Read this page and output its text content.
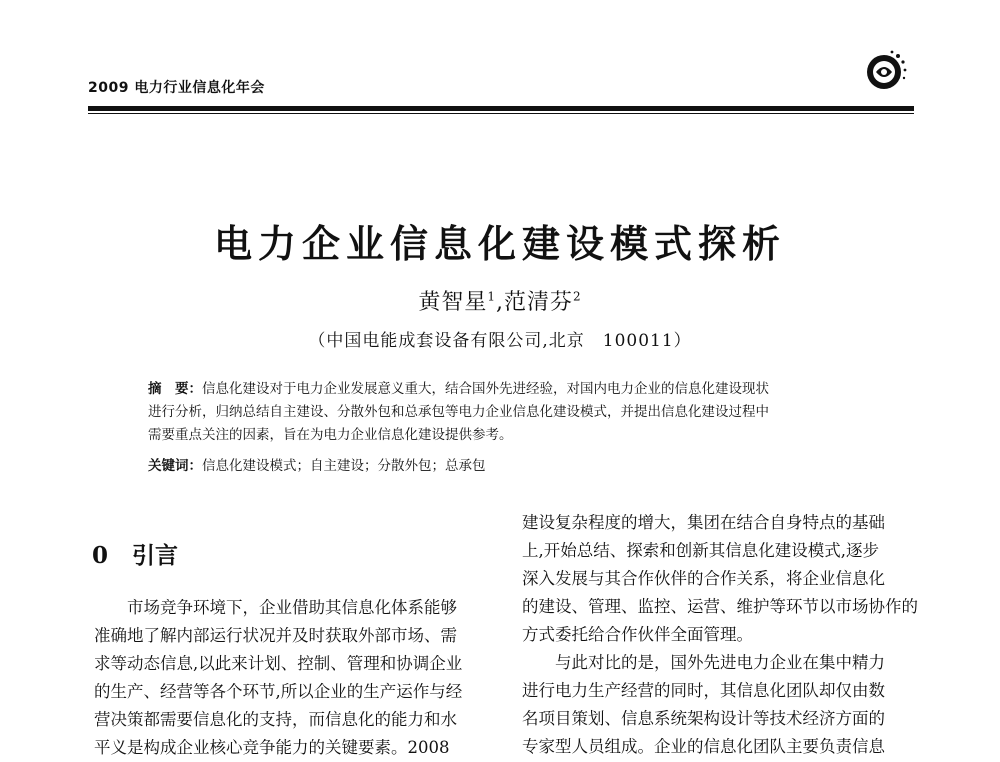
2009 电力行业信息化年会
电力企业信息化建设模式探析
黄智星$^1$,范清芬$^2$
（中国电能成套设备有限公司,北京　100011）
摘　要：信息化建设对于电力企业发展意义重大，结合国外先进经验，对国内电力企业的信息化建设现状
进行分析，归纳总结自主建设、分散外包和总承包等电力企业信息化建设模式，并提出信息化建设过程中
需要重点关注的因素，旨在为电力企业信息化建设提供参考。
关键词：信息化建设模式；自主建设；分散外包；总承包
0 引言
市场竞争环境下，企业借助其信息化体系能够
准确地了解内部运行状况并及时获取外部市场、需
求等动态信息,以此来计划、控制、管理和协调企业
的生产、经营等各个环节,所以企业的生产运作与经
营决策都需要信息化的支持，而信息化的能力和水
平义是构成企业核心竞争能力的关键要素。2008
建设复杂程度的增大，集团在结合自身特点的基础
上,开始总结、探索和创新其信息化建设模式,逐步
深入发展与其合作伙伴的合作关系，将企业信息化
的建设、管理、监控、运营、维护等环节以市场协作的
方式委托给合作伙伴全面管理。
与此对比的是，国外先进电力企业在集中精力
进行电力生产经营的同时，其信息化团队却仅由数
名项目策划、信息系统架构设计等技术经济方面的
专家型人员组成。企业的信息化团队主要负责信息
